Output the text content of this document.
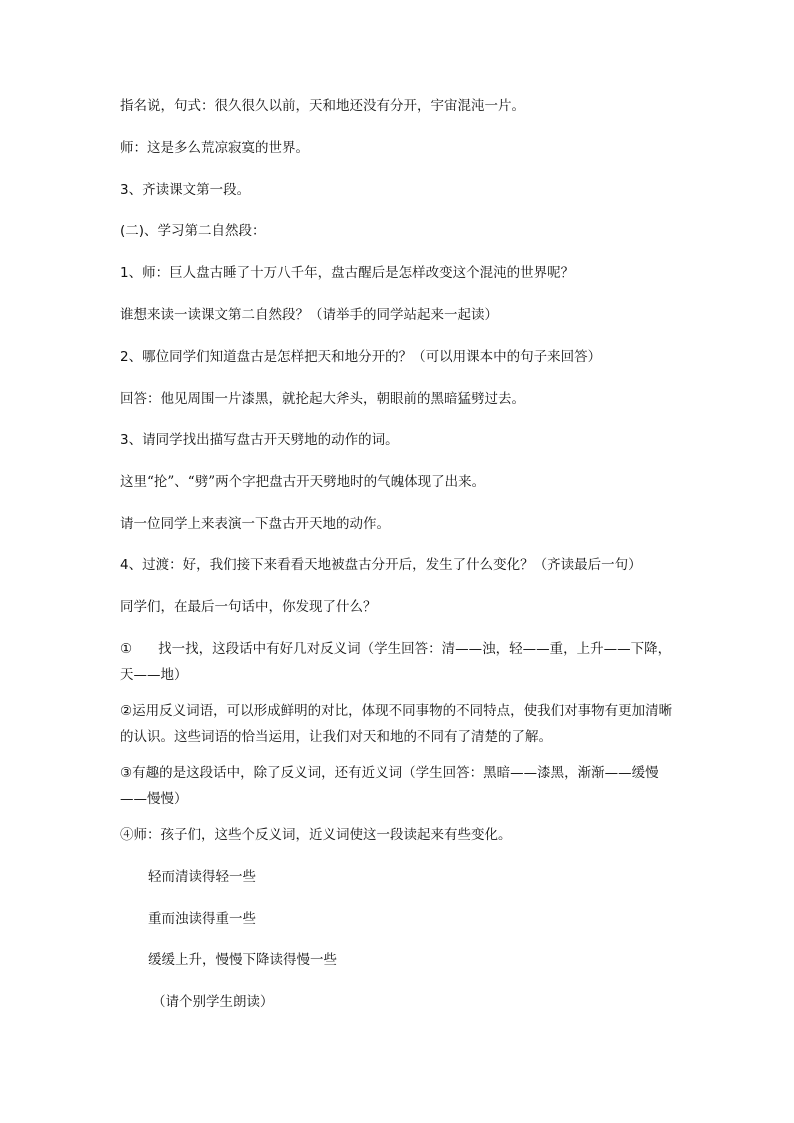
指名说，句式：很久很久以前，天和地还没有分开，宇宙混沌一片。
师：这是多么荒凉寂寞的世界。
3、齐读课文第一段。
(二)、学习第二自然段：
1、师：巨人盘古睡了十万八千年，盘古醒后是怎样改变这个混沌的世界呢？
谁想来读一读课文第二自然段？（请举手的同学站起来一起读）
2、哪位同学们知道盘古是怎样把天和地分开的？（可以用课本中的句子来回答）
回答：他见周围一片漆黑，就抡起大斧头，朝眼前的黑暗猛劈过去。
3、请同学找出描写盘古开天劈地的动作的词。
这里“抡”、“劈”两个字把盘古开天劈地时的气魄体现了出来。
请一位同学上来表演一下盘古开天地的动作。
4、过渡：好，我们接下来看看天地被盘古分开后，发生了什么变化？（齐读最后一句）
同学们，在最后一句话中，你发现了什么？
① 找一找，这段话中有好几对反义词（学生回答：清——浊，轻——重，上升——下降，天——地）
②运用反义词语，可以形成鲜明的对比，体现不同事物的不同特点，使我们对事物有更加清晰的认识。这些词语的恰当运用，让我们对天和地的不同有了清楚的了解。
③有趣的是这段话中，除了反义词，还有近义词（学生回答：黑暗——漆黑，渐渐——缓慢——慢慢）
④师：孩子们，这些个反义词，近义词使这一段读起来有些变化。
轻而清读得轻一些
重而浊读得重一些
缓缓上升，慢慢下降读得慢一些
（请个别学生朗读）
